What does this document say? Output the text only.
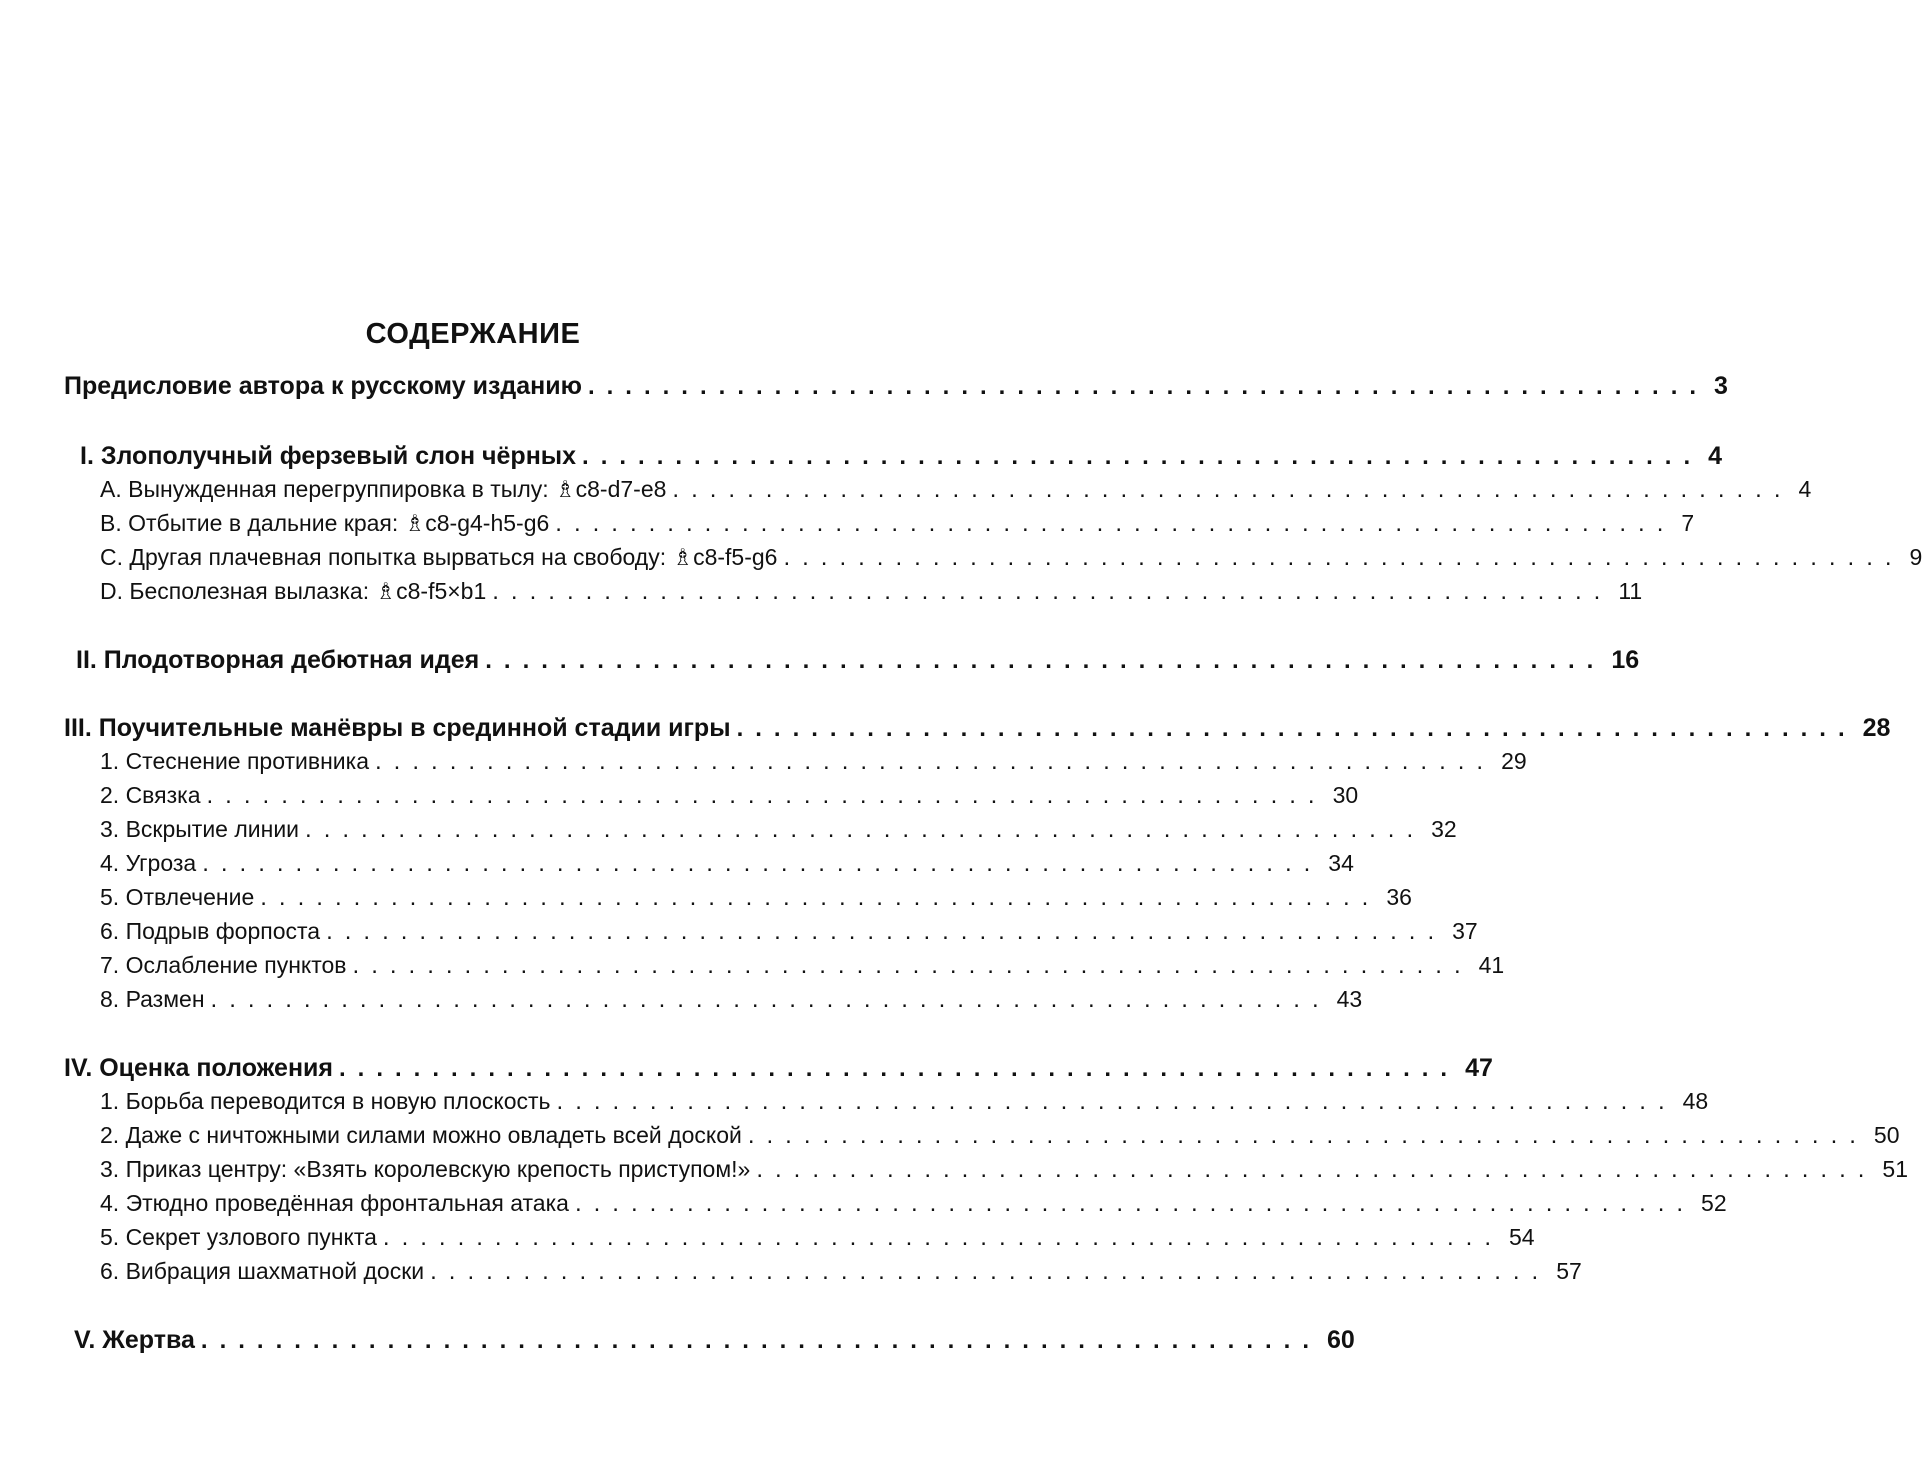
СОДЕРЖАНИЕ
Предисловие автора к русскому изданию ............................................................ 3
I. Злополучный ферзевый слон чёрных ............................................................ 4
A. Вынужденная перегруппировка в тылу: ♗c8-d7-e8 ............................................................ 4
B. Отбытие в дальние края: ♗c8-g4-h5-g6 ............................................................ 7
C. Другая плачевная попытка вырваться на свободу: ♗c8-f5-g6 ............................................................ 9
D. Бесполезная вылазка: ♗c8-f5×b1 ............................................................ 11
II. Плодотворная дебютная идея ............................................................ 16
III. Поучительные манёвры в срединной стадии игры ............................................................ 28
1. Стеснение противника ............................................................ 29
2. Связка ............................................................ 30
3. Вскрытие линии ............................................................ 32
4. Угроза ............................................................ 34
5. Отвлечение ............................................................ 36
6. Подрыв форпоста ............................................................ 37
7. Ослабление пунктов ............................................................ 41
8. Размен ............................................................ 43
IV. Оценка положения ............................................................ 47
1. Борьба переводится в новую плоскость ............................................................ 48
2. Даже с ничтожными силами можно овладеть всей доской ............................................................ 50
3. Приказ центру: «Взять королевскую крепость приступом!» ............................................................ 51
4. Этюдно проведённая фронтальная атака ............................................................ 52
5. Секрет узлового пункта ............................................................ 54
6. Вибрация шахматной доски ............................................................ 57
V. Жертва ............................................................ 60
